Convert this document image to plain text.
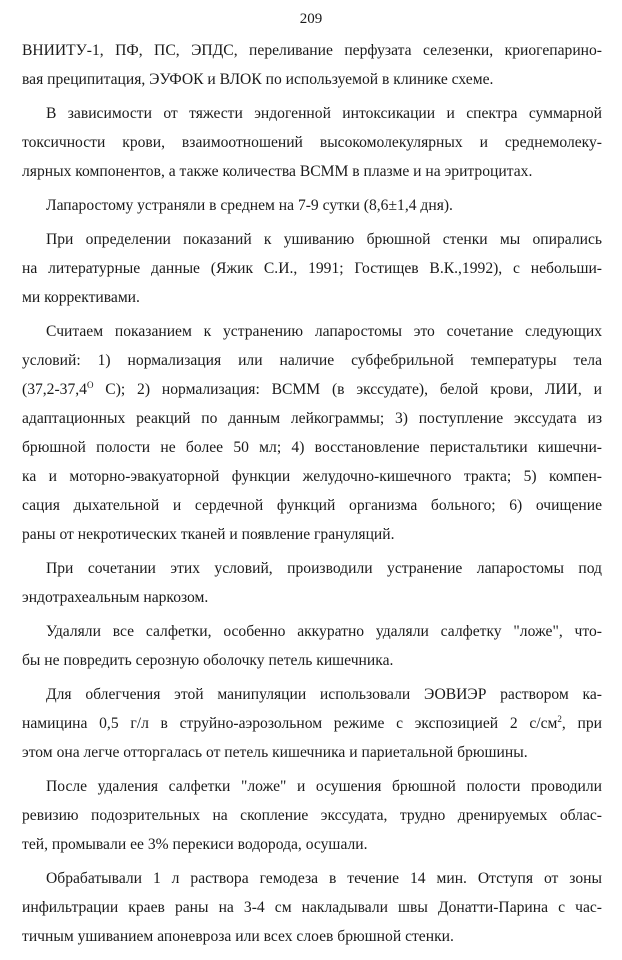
209
ВНИИТУ-1, ПФ, ПС, ЭПДС, переливание перфузата селезенки, криогепарино-
вая преципитация, ЭУФОК и ВЛОК по используемой в клинике схеме.
В зависимости от тяжести эндогенной интоксикации и спектра суммарной
токсичности крови, взаимоотношений высокомолекулярных и среднемолеку-
лярных компонентов, а также количества ВСММ в плазме и на эритроцитах.
Лапаростому устраняли в среднем на 7-9 сутки (8,6±1,4 дня).
При определении показаний к ушиванию брюшной стенки мы опирались
на литературные данные (Яжик С.И., 1991; Гостищев В.К.,1992), с небольши-
ми коррективами.
Считаем показанием к устранению лапаростомы это сочетание следующих
условий: 1) нормализация или наличие субфебрильной температуры тела
($37,2-37,4^O$ С); 2) нормализация: ВСММ (в экссудате), белой крови, ЛИИ, и
адаптационных реакций по данным лейкограммы; 3) поступление экссудата из
брюшной полости не более 50 мл; 4) восстановление перистальтики кишечни-
ка и моторно-эвакуаторной функции желудочно-кишечного тракта; 5) компен-
сация дыхательной и сердечной функций организма больного; 6) очищение
раны от некротических тканей и появление грануляций.
При сочетании этих условий, производили устранение лапаростомы под
эндотрахеальным наркозом.
Удаляли все салфетки, особенно аккуратно удаляли салфетку "ложе", что-
бы не повредить серозную оболочку петель кишечника.
Для облегчения этой манипуляции использовали ЭОВИЭР раствором ка-
намицина 0,5 г/л в струйно-аэрозольном режиме с экспозицией 2 $с/см^2$, при
этом она легче отторгалась от петель кишечника и париетальной брюшины.
После удаления салфетки "ложе" и осушения брюшной полости проводили
ревизию подозрительных на скопление экссудата, трудно дренируемых облас-
тей, промывали ее 3% перекиси водорода, осушали.
Обрабатывали 1 л раствора гемодеза в течение 14 мин. Отступя от зоны
инфильтрации краев раны на 3-4 см накладывали швы Донатти-Парина с час-
тичным ушиванием апоневроза или всех слоев брюшной стенки.
